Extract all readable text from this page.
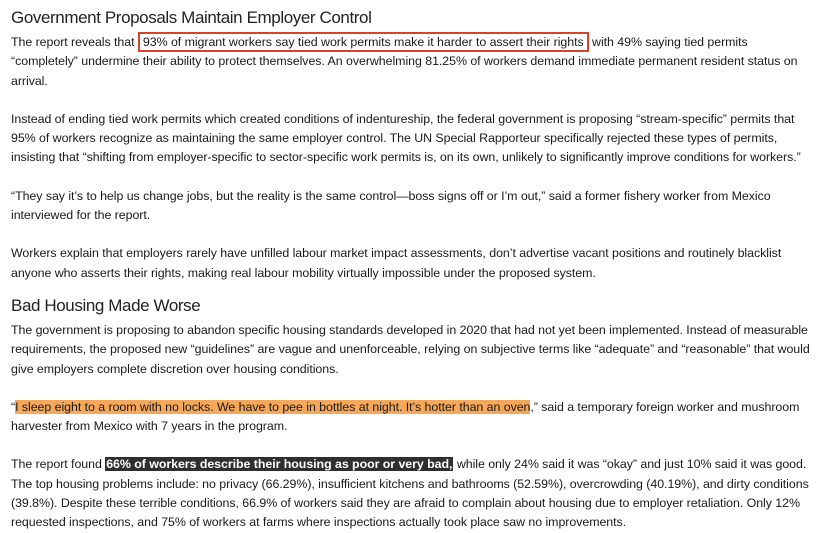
Government Proposals Maintain Employer Control

The report reveals that 93% of migrant workers say tied work permits make it harder to assert their rights with 49% saying tied permits “completely” undermine their ability to protect themselves. An overwhelming 81.25% of workers demand immediate permanent resident status on arrival.

Instead of ending tied work permits which created conditions of indentureship, the federal government is proposing “stream-specific” permits that 95% of workers recognize as maintaining the same employer control. The UN Special Rapporteur specifically rejected these types of permits, insisting that “shifting from employer-specific to sector-specific work permits is, on its own, unlikely to significantly improve conditions for workers.”

“They say it’s to help us change jobs, but the reality is the same control—boss signs off or I’m out,” said a former fishery worker from Mexico interviewed for the report.

Workers explain that employers rarely have unfilled labour market impact assessments, don’t advertise vacant positions and routinely blacklist anyone who asserts their rights, making real labour mobility virtually impossible under the proposed system.

Bad Housing Made Worse

The government is proposing to abandon specific housing standards developed in 2020 that had not yet been implemented. Instead of measurable requirements, the proposed new “guidelines” are vague and unenforceable, relying on subjective terms like “adequate” and “reasonable” that would give employers complete discretion over housing conditions.

“I sleep eight to a room with no locks. We have to pee in bottles at night. It’s hotter than an oven,” said a temporary foreign worker and mushroom harvester from Mexico with 7 years in the program.

The report found 66% of workers describe their housing as poor or very bad, while only 24% said it was “okay” and just 10% said it was good. The top housing problems include: no privacy (66.29%), insufficient kitchens and bathrooms (52.59%), overcrowding (40.19%), and dirty conditions (39.8%). Despite these terrible conditions, 66.9% of workers said they are afraid to complain about housing due to employer retaliation. Only 12% requested inspections, and 75% of workers at farms where inspections actually took place saw no improvements.
